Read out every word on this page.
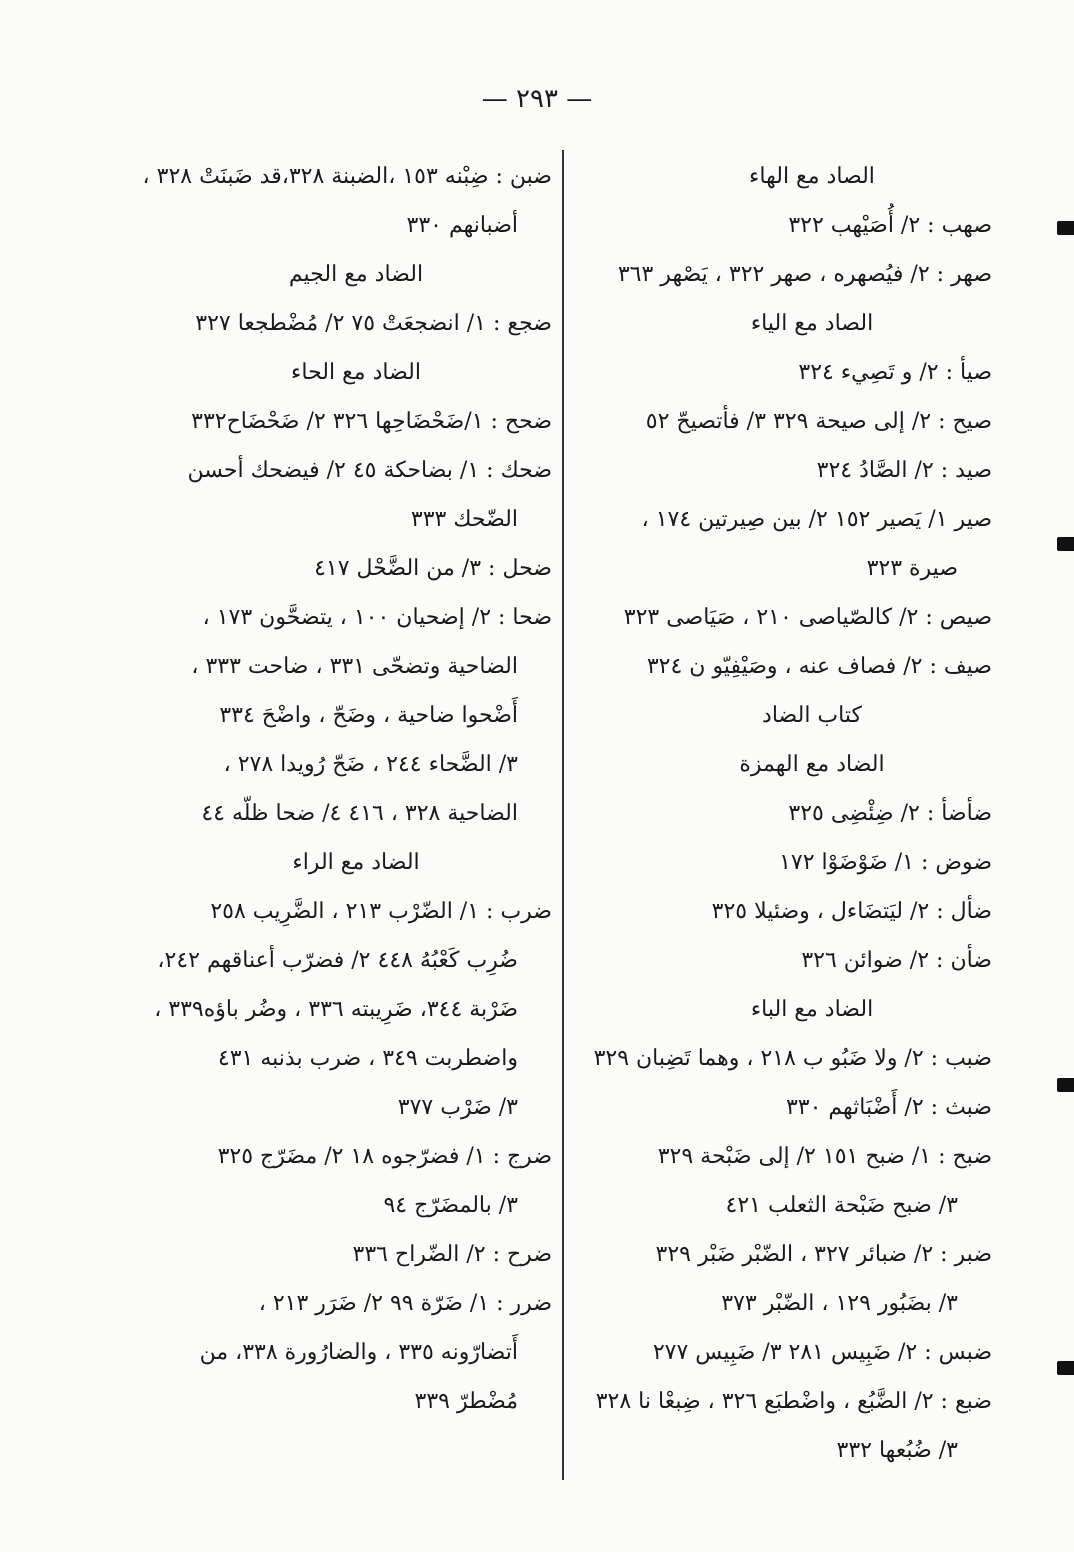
— ٢٩٣ —
الصاد مع الهاء
صهب : ٢/ أُصَيْهب ٣٢٢
صهر : ٢/ فيُصهره ، صهر ٣٢٢ ، يَصْهر ٣٦٣
الصاد مع الياء
صيأ : ٢/ و تَصِيء ٣٢٤
صيح : ٢/ إلى صيحة ٣٢٩ ٣/ فأتصيحّ ٥٢
صيد : ٢/ الصَّادُ ٣٢٤
صير ١/ يَصير ١٥٢ ٢/ بين صِيرتين ١٧٤ ،
صيرة ٣٢٣
صيص : ٢/ كالصّياصى ٢١٠ ، صَيَاصى ٣٢٣
صيف : ٢/ فصاف عنه ، وصَيْفِيّو ن ٣٢٤
كتاب الضاد
الضاد مع الهمزة
ضأضأ : ٢/ ضِئْضِى ٣٢٥
ضوض : ١/ ضَوْضَوْا ١٧٢
ضأل : ٢/ ليَتضَاءل ، وضئيلا ٣٢٥
ضأن : ٢/ ضوائن ٣٢٦
الضاد مع الباء
ضبب : ٢/ ولا ضَبُو ب ٢١٨ ، وهما تَضِبان ٣٢٩
ضبث : ٢/ أَضْبَاثهم ٣٣٠
ضبح : ١/ ضبح ١٥١ ٢/ إلى ضَبْحة ٣٢٩
٣/ ضبح ضَبْحة الثعلب ٤٢١
ضبر : ٢/ ضبائر ٣٢٧ ، الضّبْر ضَبْر ٣٢٩
٣/ بضَبُور ١٢٩ ، الضّبْر ٣٧٣
ضبس : ٢/ ضَبِيس ٢٨١ ٣/ ضَبِيس ٢٧٧
ضبع : ٢/ الضَّبُع ، واضْطبَع ٣٢٦ ، ضِبعْا نا ٣٢٨
٣/ ضُبُعها ٣٣٢
ضبن : ضِبْنه ١٥٣ ،الضبنة ٣٢٨،قد ضَبنَتْ ٣٢٨ ،
أضبانهم ٣٣٠
الضاد مع الجيم
ضجع : ١/ انضجعَتْ ٧٥ ٢/ مُضْطجعا ٣٢٧
الضاد مع الحاء
ضحح : ١/ضَحْضَاحِها ٣٢٦ ٢/ ضَحْضَاح٣٣٢
ضحك : ١/ بضاحكة ٤٥ ٢/ فيضحك أحسن
الضّحك ٣٣٣
ضحل : ٣/ من الضَّحْل ٤١٧
ضحا : ٢/ إضحيان ١٠٠ ، يتضحَّون ١٧٣ ،
الضاحية وتضحّى ٣٣١ ، ضاحت ٣٣٣ ،
أَضْحوا ضاحية ، وضَحّ ، واضْحَ ٣٣٤
٣/ الضَّحاء ٢٤٤ ، ضَحّ رُويدا ٢٧٨ ،
الضاحية ٣٢٨ ، ٤١٦ ٤/ ضحا ظلّه ٤٤
الضاد مع الراء
ضرب : ١/ الضّرْب ٢١٣ ، الضَّرِيب ٢٥٨
ضُرِب كَعْبُهُ ٤٤٨ ٢/ فضرّب أعناقهم ٢٤٢،
ضَرْبة ٣٤٤، ضَرِيبته ٣٣٦ ، وضُر باؤه٣٣٩ ،
واضطربت ٣٤٩ ، ضرب بذنبه ٤٣١
٣/ ضَرْب ٣٧٧
ضرج : ١/ فضرّجوه ١٨ ٢/ مضَرّج ٣٢٥
٣/ بالمضَرّج ٩٤
ضرح : ٢/ الضّراح ٣٣٦
ضرر : ١/ ضَرّة ٩٩ ٢/ ضَرَر ٢١٣ ،
أَتضارّونه ٣٣٥ ، والضارُورة ٣٣٨، من
مُضْطرّ ٣٣٩
